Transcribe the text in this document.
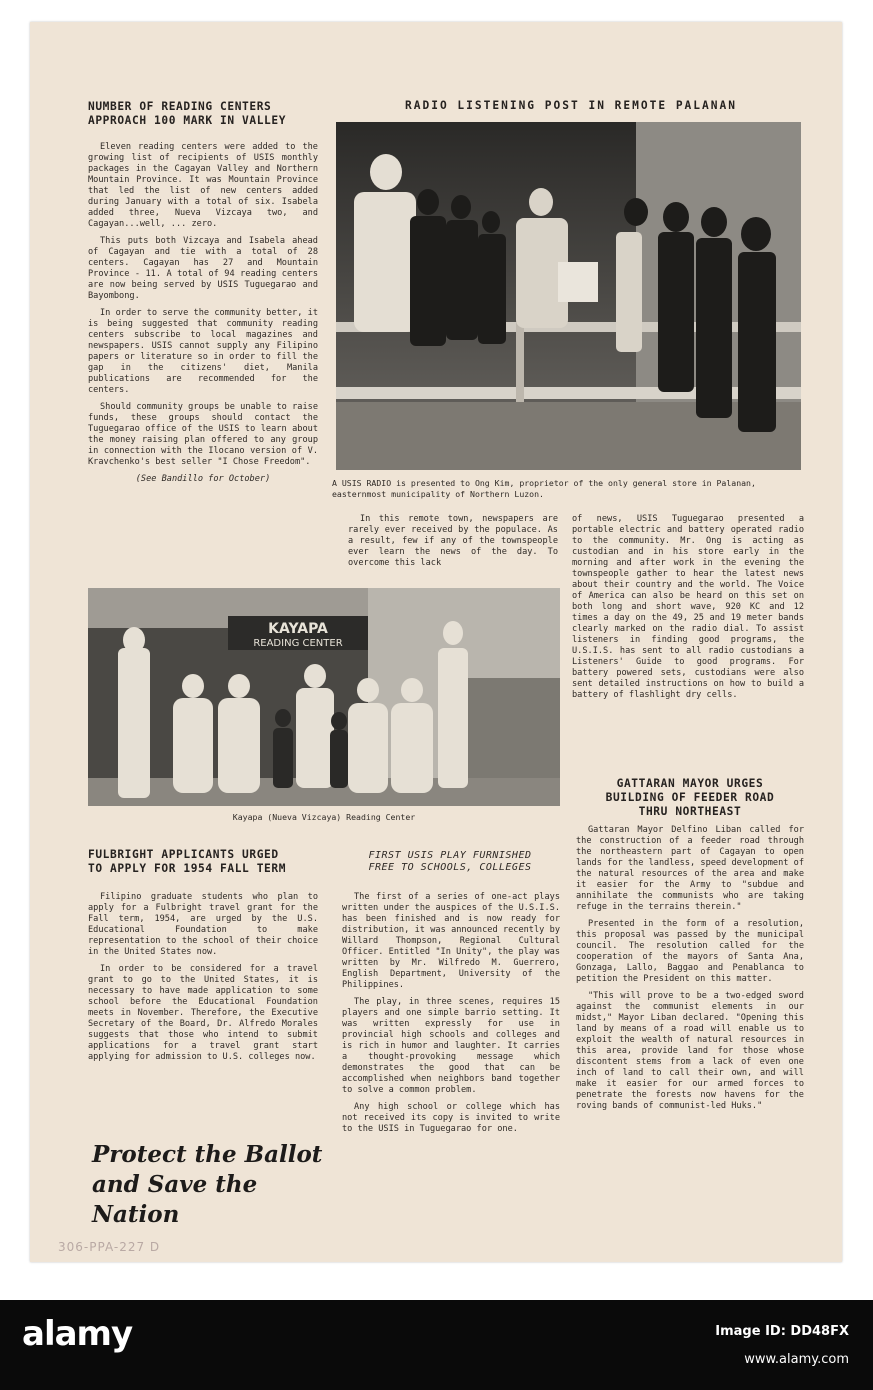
NUMBER OF READING CENTERS
APPROACH 100 MARK IN VALLEY

Eleven reading centers were added to the growing list of recipients of USIS monthly packages in the Cagayan Valley and Northern Mountain Province. It was Mountain Province that led the list of new centers added during January with a total of six. Isabela added three, Nueva Vizcaya two, and Cagayan...well, ... zero.

This puts both Vizcaya and Isabela ahead of Cagayan and tie with a total of 28 centers. Cagayan has 27 and Mountain Province - 11. A total of 94 reading centers are now being served by USIS Tuguegarao and Bayombong.

In order to serve the community better, it is being suggested that community reading centers subscribe to local magazines and newspapers. USIS cannot supply any Filipino papers or literature so in order to fill the gap in the citizens' diet, Manila publications are recommended for the centers.

Should community groups be unable to raise funds, these groups should contact the Tuguegarao office of the USIS to learn about the money raising plan offered to any group in connection with the Ilocano version of V. Kravchenko's best seller "I Chose Freedom".

(See Bandillo for October)
RADIO LISTENING POST IN REMOTE PALANAN
A USIS RADIO is presented to Ong Kim, proprietor of the only general store in Palanan, easternmost municipality of Northern Luzon.

In this remote town, newspapers are rarely ever received by the populace. As a result, few if any of the townspeople ever learn the news of the day. To overcome this lack

of news, USIS Tuguegarao presented a portable electric and battery operated radio to the community. Mr. Ong is acting as custodian and in his store early in the morning and after work in the evening the townspeople gather to hear the latest news about their country and the world. The Voice of America can also be heard on this set on both long and short wave, 920 KC and 12 times a day on the 49, 25 and 19 meter bands clearly marked on the radio dial. To assist listeners in finding good programs, the U.S.I.S. has sent to all radio custodians a Listeners' Guide to good programs. For battery powered sets, custodians were also sent detailed instructions on how to build a battery of flashlight dry cells.

KAYAPA
READING CENTER
Kayapa (Nueva Vizcaya) Reading Center
FULBRIGHT APPLICANTS URGED
TO APPLY FOR 1954 FALL TERM

Filipino graduate students who plan to apply for a Fulbright travel grant for the Fall term, 1954, are urged by the U.S. Educational Foundation to make representation to the school of their choice in the United States now.

In order to be considered for a travel grant to go to the United States, it is necessary to have made application to some school before the Educational Foundation meets in November. Therefore, the Executive Secretary of the Board, Dr. Alfredo Morales suggests that those who intend to submit applications for a travel grant start applying for admission to U.S. colleges now.

Protect the Ballot
and Save the Nation
FIRST USIS PLAY FURNISHED
FREE TO SCHOOLS, COLLEGES

The first of a series of one-act plays written under the auspices of the U.S.I.S. has been finished and is now ready for distribution, it was announced recently by Willard Thompson, Regional Cultural Officer. Entitled "In Unity", the play was written by Mr. Wilfredo M. Guerrero, English Department, University of the Philippines.

The play, in three scenes, requires 15 players and one simple barrio setting. It was written expressly for use in provincial high schools and colleges and is rich in humor and laughter. It carries a thought-provoking message which demonstrates the good that can be accomplished when neighbors band together to solve a common problem.

Any high school or college which has not received its copy is invited to write to the USIS in Tuguegarao for one.

GATTARAN MAYOR URGES
BUILDING OF FEEDER ROAD
THRU NORTHEAST

Gattaran Mayor Delfino Liban called for the construction of a feeder road through the northeastern part of Cagayan to open lands for the landless, speed development of the natural resources of the area and make it easier for the Army to "subdue and annihilate the communists who are taking refuge in the terrains therein."

Presented in the form of a resolution, this proposal was passed by the municipal council. The resolution called for the cooperation of the mayors of Santa Ana, Gonzaga, Lallo, Baggao and Penablanca to petition the President on this matter.

"This will prove to be a two-edged sword against the communist elements in our midst," Mayor Liban declared. "Opening this land by means of a road will enable us to exploit the wealth of natural resources in this area, provide land for those whose discontent stems from a lack of even one inch of land to call their own, and will make it easier for our armed forces to penetrate the forests now havens for the roving bands of communist-led Huks."

306-PPA-227 D
alamy	Image ID: DD48FX
www.alamy.com
